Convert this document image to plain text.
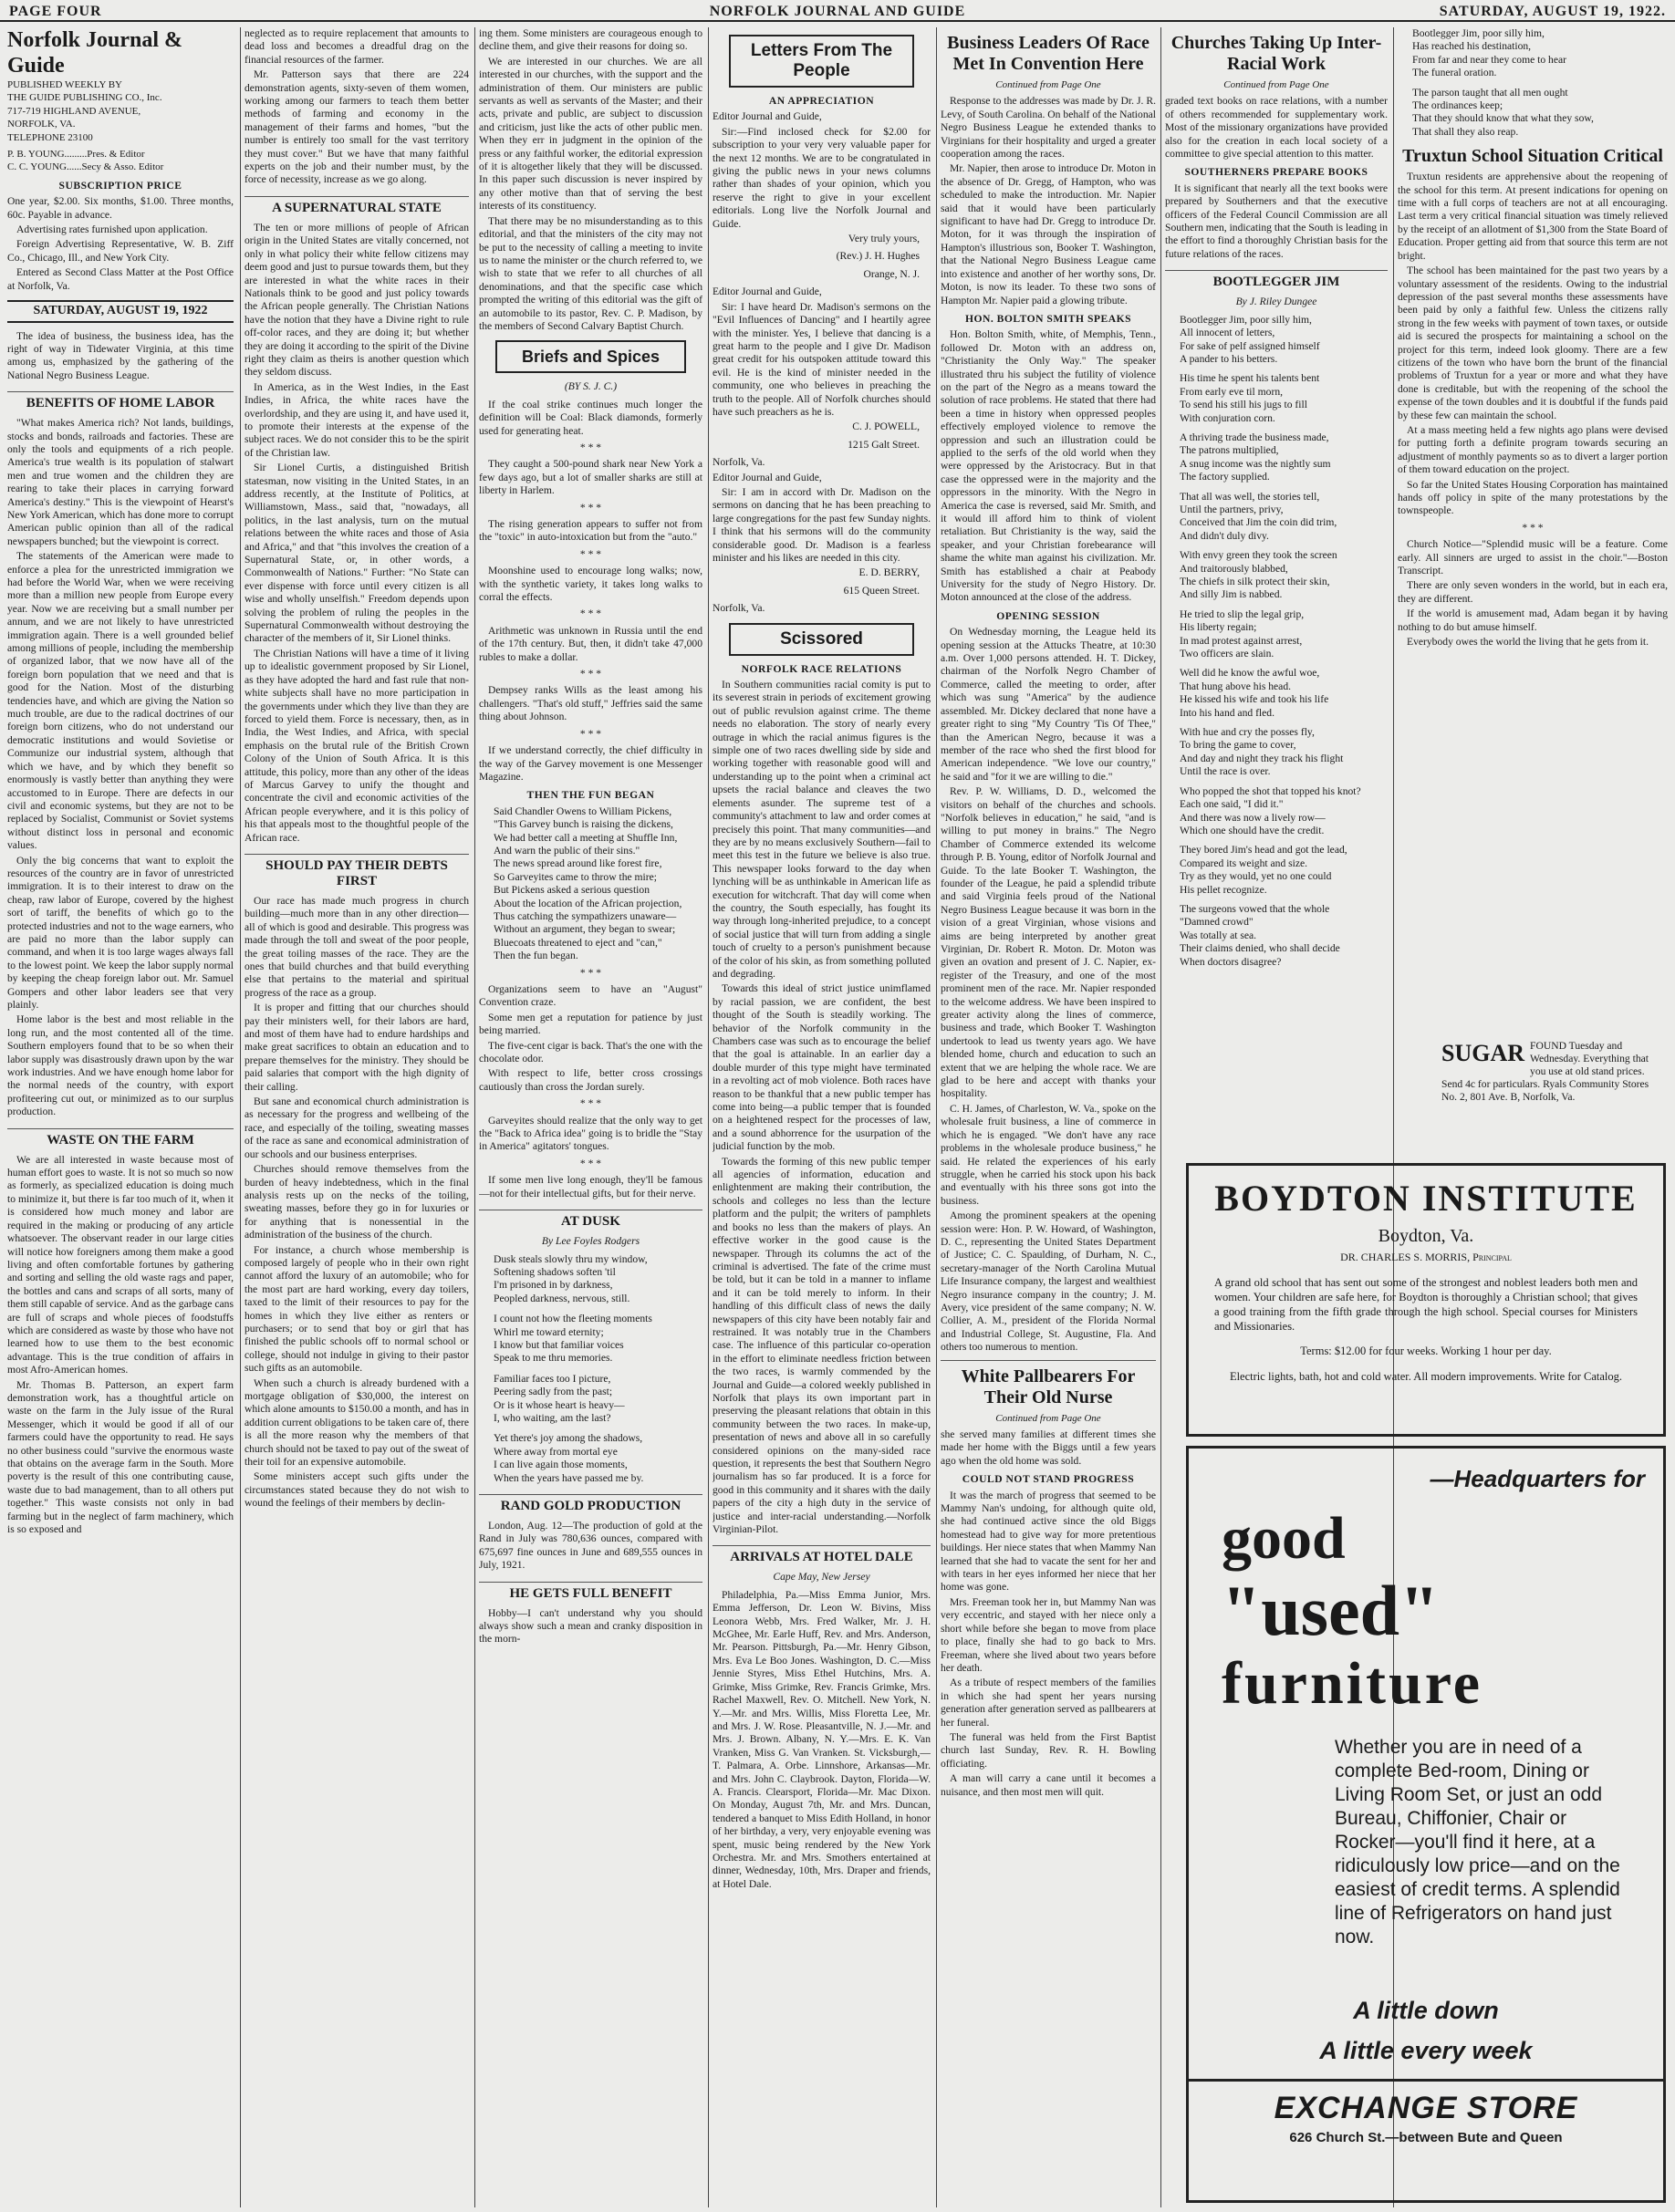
PAGE FOUR	NORFOLK JOURNAL AND GUIDE	SATURDAY, AUGUST 19, 1922.
Norfolk Journal & Guide
PUBLISHED WEEKLY BY
THE GUIDE PUBLISHING CO., Inc.
717-719 HIGHLAND AVENUE,
NORFOLK, VA.
TELEPHONE 23100
P. B. YOUNG.........Pres. & Editor
C. C. YOUNG......Secy & Asso. Editor
SUBSCRIPTION PRICE

One year, $2.00. Six months, $1.00. Three months, 60c. Payable in advance.

Advertising rates furnished upon application.

Foreign Advertising Representative, W. B. Ziff Co., Chicago, Ill., and New York City.

Entered as Second Class Matter at the Post Office at Norfolk, Va.

SATURDAY, AUGUST 19, 1922

The idea of business, the business idea, has the right of way in Tidewater Virginia, at this time among us, emphasized by the gathering of the National Negro Business League.

BENEFITS OF HOME LABOR

"What makes America rich? Not lands, buildings, stocks and bonds, railroads and factories. These are only the tools and equipments of a rich people. America's true wealth is its population of stalwart men and true women and the children they are rearing to take their places in carrying forward America's destiny." This is the viewpoint of Hearst's New York American, which has done more to corrupt American public opinion than all of the radical newspapers bunched; but the viewpoint is correct.

The statements of the American were made to enforce a plea for the unrestricted immigration we had before the World War, when we were receiving more than a million new people from Europe every year. Now we are receiving but a small number per annum, and we are not likely to have unrestricted immigration again. There is a well grounded belief among millions of people, including the membership of organized labor, that we now have all of the foreign born population that we need and that is good for the Nation. Most of the disturbing tendencies have, and which are giving the Nation so much trouble, are due to the radical doctrines of our foreign born citizens, who do not understand our democratic institutions and would Sovietise or Communize our industrial system, although that which we have, and by which they benefit so enormously is vastly better than anything they were accustomed to in Europe. There are defects in our civil and economic systems, but they are not to be replaced by Socialist, Communist or Soviet systems without distinct loss in personal and economic values.

Only the big concerns that want to exploit the resources of the country are in favor of unrestricted immigration. It is to their interest to draw on the cheap, raw labor of Europe, covered by the highest sort of tariff, the benefits of which go to the protected industries and not to the wage earners, who are paid no more than the labor supply can command, and when it is too large wages always fall to the lowest point. We keep the labor supply normal by keeping the cheap foreign labor out. Mr. Samuel Gompers and other labor leaders see that very plainly.

Home labor is the best and most reliable in the long run, and the most contented all of the time. Southern employers found that to be so when their labor supply was disastrously drawn upon by the war work industries. And we have enough home labor for the normal needs of the country, with export profiteering cut out, or minimized as to our surplus production.

WASTE ON THE FARM

We are all interested in waste because most of human effort goes to waste. It is not so much so now as formerly, as specialized education is doing much to minimize it, but there is far too much of it, when it is considered how much money and labor are required in the making or producing of any article whatsoever. The observant reader in our large cities will notice how foreigners among them make a good living and often comfortable fortunes by gathering and sorting and selling the old waste rags and paper, the bottles and cans and scraps of all sorts, many of them still capable of service. And as the garbage cans are full of scraps and whole pieces of foodstuffs which are considered as waste by those who have not learned how to use them to the best economic advantage. This is the true condition of affairs in most Afro-American homes.

Mr. Thomas B. Patterson, an expert farm demonstration work, has a thoughtful article on waste on the farm in the July issue of the Rural Messenger, which it would be good if all of our farmers could have the opportunity to read. He says no other business could "survive the enormous waste that obtains on the average farm in the South. More poverty is the result of this one contributing cause, waste due to bad management, than to all others put together." This waste consists not only in bad farming but in the neglect of farm machinery, which is so exposed and

neglected as to require replacement that amounts to dead loss and becomes a dreadful drag on the financial resources of the farmer.

Mr. Patterson says that there are 224 demonstration agents, sixty-seven of them women, working among our farmers to teach them better methods of farming and economy in the management of their farms and homes, "but the number is entirely too small for the vast territory they must cover." But we have that many faithful experts on the job and their number must, by the force of necessity, increase as we go along.

A SUPERNATURAL STATE

The ten or more millions of people of African origin in the United States are vitally concerned, not only in what policy their white fellow citizens may deem good and just to pursue towards them, but they are interested in what the white races in their Nationals think to be good and just policy towards the African people generally. The Christian Nations have the notion that they have a Divine right to rule off-color races, and they are doing it; but whether they are doing it according to the spirit of the Divine right they claim as theirs is another question which they seldom discuss.

In America, as in the West Indies, in the East Indies, in Africa, the white races have the overlordship, and they are using it, and have used it, to promote their interests at the expense of the subject races. We do not consider this to be the spirit of the Christian law.

Sir Lionel Curtis, a distinguished British statesman, now visiting in the United States, in an address recently, at the Institute of Politics, at Williamstown, Mass., said that, "nowadays, all politics, in the last analysis, turn on the mutual relations between the white races and those of Asia and Africa," and that "this involves the creation of a Supernatural State, or, in other words, a Commonwealth of Nations." Further: "No State can ever dispense with force until every citizen is all wise and wholly unselfish." Freedom depends upon solving the problem of ruling the peoples in the Supernatural Commonwealth without destroying the character of the members of it, Sir Lionel thinks.

The Christian Nations will have a time of it living up to idealistic government proposed by Sir Lionel, as they have adopted the hard and fast rule that non-white subjects shall have no more participation in the governments under which they live than they are forced to yield them. Force is necessary, then, as in India, the West Indies, and Africa, with special emphasis on the brutal rule of the British Crown Colony of the Union of South Africa. It is this attitude, this policy, more than any other of the ideas of Marcus Garvey to unify the thought and concentrate the civil and economic activities of the African people everywhere, and it is this policy of his that appeals most to the thoughtful people of the African race.

SHOULD PAY THEIR DEBTS FIRST

Our race has made much progress in church building—much more than in any other direction—all of which is good and desirable. This progress was made through the toll and sweat of the poor people, the great toiling masses of the race. They are the ones that build churches and that build everything else that pertains to the material and spiritual progress of the race as a group.

It is proper and fitting that our churches should pay their ministers well, for their labors are hard, and most of them have had to endure hardships and make great sacrifices to obtain an education and to prepare themselves for the ministry. They should be paid salaries that comport with the high dignity of their calling.

But sane and economical church administration is as necessary for the progress and wellbeing of the race, and especially of the toiling, sweating masses of the race as sane and economical administration of our schools and our business enterprises.

Churches should remove themselves from the burden of heavy indebtedness, which in the final analysis rests up on the necks of the toiling, sweating masses, before they go in for luxuries or for anything that is nonessential in the administration of the business of the church.

For instance, a church whose membership is composed largely of people who in their own right cannot afford the luxury of an automobile; who for the most part are hard working, every day toilers, taxed to the limit of their resources to pay for the homes in which they live either as renters or purchasers; or to send that boy or girl that has finished the public schools off to normal school or college, should not indulge in giving to their pastor such gifts as an automobile.

When such a church is already burdened with a mortgage obligation of $30,000, the interest on which alone amounts to $150.00 a month, and has in addition current obligations to be taken care of, there is all the more reason why the members of that church should not be taxed to pay out of the sweat of their toil for an expensive automobile.

Some ministers accept such gifts under the circumstances stated because they do not wish to wound the feelings of their members by declin-

ing them. Some ministers are courageous enough to decline them, and give their reasons for doing so.

We are interested in our churches. We are all interested in our churches, with the support and the administration of them. Our ministers are public servants as well as servants of the Master; and their acts, private and public, are subject to discussion and criticism, just like the acts of other public men. When they err in judgment in the opinion of the press or any faithful worker, the editorial expression of it is altogether likely that they will be discussed. In this paper such discussion is never inspired by any other motive than that of serving the best interests of its constituency.

That there may be no misunderstanding as to this editorial, and that the ministers of the city may not be put to the necessity of calling a meeting to invite us to name the minister or the church referred to, we wish to state that we refer to all churches of all denominations, and that the specific case which prompted the writing of this editorial was the gift of an automobile to its pastor, Rev. C. P. Madison, by the members of Second Calvary Baptist Church.

Briefs and Spices
(BY S. J. C.)

If the coal strike continues much longer the definition will be Coal: Black diamonds, formerly used for generating heat.

* * *

They caught a 500-pound shark near New York a few days ago, but a lot of smaller sharks are still at liberty in Harlem.

* * *

The rising generation appears to suffer not from the "toxic" in auto-intoxication but from the "auto."

* * *

Moonshine used to encourage long walks; now, with the synthetic variety, it takes long walks to corral the effects.

* * *

Arithmetic was unknown in Russia until the end of the 17th century. But, then, it didn't take 47,000 rubles to make a dollar.

* * *

Dempsey ranks Wills as the least among his challengers. "That's old stuff," Jeffries said the same thing about Johnson.

* * *

If we understand correctly, the chief difficulty in the way of the Garvey movement is one Messenger Magazine.

THEN THE FUN BEGAN

Said Chandler Owens to William Pickens,

"This Garvey bunch is raising the dickens,

We had better call a meeting at Shuffle Inn,

And warn the public of their sins."

The news spread around like forest fire,

So Garveyites came to throw the mire;

But Pickens asked a serious question

About the location of the African projection,

Thus catching the sympathizers unaware—

Without an argument, they began to swear;

Bluecoats threatened to eject and "can,"

Then the fun began.

* * *

Organizations seem to have an "August" Convention craze.

Some men get a reputation for patience by just being married.

The five-cent cigar is back. That's the one with the chocolate odor.

With respect to life, better cross crossings cautiously than cross the Jordan surely.

* * *

Garveyites should realize that the only way to get the "Back to Africa idea" going is to bridle the "Stay in America" agitators' tongues.

* * *

If some men live long enough, they'll be famous—not for their intellectual gifts, but for their nerve.

AT DUSK
By Lee Foyles Rodgers

Dusk steals slowly thru my window,

Softening shadows soften 'til

I'm prisoned in by darkness,

Peopled darkness, nervous, still.

I count not how the fleeting moments

Whirl me toward eternity;

I know but that familiar voices

Speak to me thru memories.

Familiar faces too I picture,

Peering sadly from the past;

Or is it whose heart is heavy—

I, who waiting, am the last?

Yet there's joy among the shadows,

Where away from mortal eye

I can live again those moments,

When the years have passed me by.

RAND GOLD PRODUCTION

London, Aug. 12—The production of gold at the Rand in July was 780,636 ounces, compared with 675,697 fine ounces in June and 689,555 ounces in July, 1921.

HE GETS FULL BENEFIT

Hobby—I can't understand why you should always show such a mean and cranky disposition in the morn-

Letters From The People
AN APPRECIATION

Editor Journal and Guide,

Sir:—Find inclosed check for $2.00 for subscription to your very very valuable paper for the next 12 months. We are to be congratulated in giving the public news in your news columns rather than shades of your opinion, which you reserve the right to give in your excellent editorials. Long live the Norfolk Journal and Guide.

Very truly yours,

(Rev.) J. H. Hughes

Orange, N. J.

Editor Journal and Guide,

Sir: I have heard Dr. Madison's sermons on the "Evil Influences of Dancing" and I heartily agree with the minister. Yes, I believe that dancing is a great harm to the people and I give Dr. Madison great credit for his outspoken attitude toward this evil. He is the kind of minister needed in the community, one who believes in preaching the truth to the people. All of Norfolk churches should have such preachers as he is.

C. J. POWELL,

1215 Galt Street.

Norfolk, Va.

Editor Journal and Guide,

Sir: I am in accord with Dr. Madison on the sermons on dancing that he has been preaching to large congregations for the past few Sunday nights. I think that his sermons will do the community considerable good. Dr. Madison is a fearless minister and his likes are needed in this city.

E. D. BERRY,

615 Queen Street.

Norfolk, Va.

Scissored
NORFOLK RACE RELATIONS

In Southern communities racial comity is put to its severest strain in periods of excitement growing out of public revulsion against crime. The theme needs no elaboration. The story of nearly every outrage in which the racial animus figures is the simple one of two races dwelling side by side and working together with reasonable good will and understanding up to the point when a criminal act upsets the racial balance and cleaves the two elements asunder. The supreme test of a community's attachment to law and order comes at precisely this point. That many communities—and they are by no means exclusively Southern—fail to meet this test in the future we believe is also true. This newspaper looks forward to the day when lynching will be as unthinkable in American life as execution for witchcraft. That day will come when the country, the South especially, has fought its way through long-inherited prejudice, to a concept of social justice that will turn from adding a single touch of cruelty to a person's punishment because of the color of his skin, as from something polluted and degrading.

Towards this ideal of strict justice unimflamed by racial passion, we are confident, the best thought of the South is steadily working. The behavior of the Norfolk community in the Chambers case was such as to encourage the belief that the goal is attainable. In an earlier day a double murder of this type might have terminated in a revolting act of mob violence. Both races have reason to be thankful that a new public temper has come into being—a public temper that is founded on a heightened respect for the processes of law, and a sound abhorrence for the usurpation of the judicial function by the mob.

Towards the forming of this new public temper all agencies of information, education and enlightenment are making their contribution, the schools and colleges no less than the lecture platform and the pulpit; the writers of pamphlets and books no less than the makers of plays. An effective worker in the good cause is the newspaper. Through its columns the act of the criminal is advertised. The fate of the crime must be told, but it can be told in a manner to inflame and it can be told merely to inform. In their handling of this difficult class of news the daily newspapers of this city have been notably fair and restrained. It was notably true in the Chambers case. The influence of this particular co-operation in the effort to eliminate needless friction between the two races, is warmly commended by the Journal and Guide—a colored weekly published in Norfolk that plays its own important part in preserving the pleasant relations that obtain in this community between the two races. In make-up, presentation of news and above all in so carefully considered opinions on the many-sided race question, it represents the best that Southern Negro journalism has so far produced. It is a force for good in this community and it shares with the daily papers of the city a high duty in the service of justice and inter-racial understanding.—Norfolk Virginian-Pilot.

ARRIVALS AT HOTEL DALE
Cape May, New Jersey

Philadelphia, Pa.—Miss Emma Junior, Mrs. Emma Jefferson, Dr. Leon W. Bivins, Miss Leonora Webb, Mrs. Fred Walker, Mr. J. H. McGhee, Mr. Earle Huff, Rev. and Mrs. Anderson, Mr. Pearson. Pittsburgh, Pa.—Mr. Henry Gibson, Mrs. Eva Le Boo Jones. Washington, D. C.—Miss Jennie Styres, Miss Ethel Hutchins, Mrs. A. Grimke, Miss Grimke, Rev. Francis Grimke, Mrs. Rachel Maxwell, Rev. O. Mitchell. New York, N. Y.—Mr. and Mrs. Willis, Miss Floretta Lee, Mr. and Mrs. J. W. Rose. Pleasantville, N. J.—Mr. and Mrs. J. Brown. Albany, N. Y.—Mrs. E. K. Van Vranken, Miss G. Van Vranken. St. Vicksburgh,—T. Palmara, A. Orbe. Linnshore, Arkansas—Mr. and Mrs. John C. Claybrook. Dayton, Florida—W. A. Francis. Clearsport, Florida—Mr. Mac Dixon. On Monday, August 7th, Mr. and Mrs. Duncan, tendered a banquet to Miss Edith Holland, in honor of her birthday, a very, very enjoyable evening was spent, music being rendered by the New York Orchestra. Mr. and Mrs. Smothers entertained at dinner, Wednesday, 10th, Mrs. Draper and friends, at Hotel Dale.

Business Leaders Of Race Met In Convention Here
Continued from Page One

Response to the addresses was made by Dr. J. R. Levy, of South Carolina. On behalf of the National Negro Business League he extended thanks to Virginians for their hospitality and urged a greater cooperation among the races.

Mr. Napier, then arose to introduce Dr. Moton in the absence of Dr. Gregg, of Hampton, who was scheduled to make the introduction. Mr. Napier said that it would have been particularly significant to have had Dr. Gregg to introduce Dr. Moton, for it was through the inspiration of Hampton's illustrious son, Booker T. Washington, that the National Negro Business League came into existence and another of her worthy sons, Dr. Moton, is now its leader. To these two sons of Hampton Mr. Napier paid a glowing tribute.

HON. BOLTON SMITH SPEAKS

Hon. Bolton Smith, white, of Memphis, Tenn., followed Dr. Moton with an address on, "Christianity the Only Way." The speaker illustrated thru his subject the futility of violence on the part of the Negro as a means toward the solution of race problems. He stated that there had been a time in history when oppressed peoples effectively employed violence to remove the oppression and such an illustration could be applied to the serfs of the old world when they were oppressed by the Aristocracy. But in that case the oppressed were in the majority and the oppressors in the minority. With the Negro in America the case is reversed, said Mr. Smith, and it would ill afford him to think of violent retaliation. But Christianity is the way, said the speaker, and your Christian forebearance will shame the white man against his civilization. Mr. Smith has established a chair at Peabody University for the study of Negro History. Dr. Moton announced at the close of the address.

OPENING SESSION

On Wednesday morning, the League held its opening session at the Attucks Theatre, at 10:30 a.m. Over 1,000 persons attended. H. T. Dickey, chairman of the Norfolk Negro Chamber of Commerce, called the meeting to order, after which was sung "America" by the audience assembled. Mr. Dickey declared that none have a greater right to sing "My Country 'Tis Of Thee," than the American Negro, because it was a member of the race who shed the first blood for American independence. "We love our country," he said and "for it we are willing to die."

Rev. P. W. Williams, D. D., welcomed the visitors on behalf of the churches and schools. "Norfolk believes in education," he said, "and is willing to put money in brains." The Negro Chamber of Commerce extended its welcome through P. B. Young, editor of Norfolk Journal and Guide. To the late Booker T. Washington, the founder of the League, he paid a splendid tribute and said Virginia feels proud of the National Negro Business League because it was born in the vision of a great Virginian, whose visions and aims are being interpreted by another great Virginian, Dr. Robert R. Moton. Dr. Moton was given an ovation and present of J. C. Napier, ex-register of the Treasury, and one of the most prominent men of the race. Mr. Napier responded to the welcome address. We have been inspired to greater activity along the lines of commerce, business and trade, which Booker T. Washington undertook to lead us twenty years ago. We have blended home, church and education to such an extent that we are helping the whole race. We are glad to be here and accept with thanks your hospitality.

C. H. James, of Charleston, W. Va., spoke on the wholesale fruit business, a line of commerce in which he is engaged. "We don't have any race problems in the wholesale produce business," he said. He related the experiences of his early struggle, when he carried his stock upon his back and eventually with his three sons got into the business.

Among the prominent speakers at the opening session were: Hon. P. W. Howard, of Washington, D. C., representing the United States Department of Justice; C. C. Spaulding, of Durham, N. C., secretary-manager of the North Carolina Mutual Life Insurance company, the largest and wealthiest Negro insurance company in the country; J. M. Avery, vice president of the same company; N. W. Collier, A. M., president of the Florida Normal and Industrial College, St. Augustine, Fla. And others too numerous to mention.

White Pallbearers For Their Old Nurse
Continued from Page One

she served many families at different times she made her home with the Biggs until a few years ago when the old home was sold.

COULD NOT STAND PROGRESS

It was the march of progress that seemed to be Mammy Nan's undoing, for although quite old, she had continued active since the old Biggs homestead had to give way for more pretentious buildings. Her niece states that when Mammy Nan learned that she had to vacate the sent for her and with tears in her eyes informed her niece that her home was gone.

Mrs. Freeman took her in, but Mammy Nan was very eccentric, and stayed with her niece only a short while before she began to move from place to place, finally she had to go back to Mrs. Freeman, where she lived about two years before her death.

As a tribute of respect members of the families in which she had spent her years nursing generation after generation served as pallbearers at her funeral.

The funeral was held from the First Baptist church last Sunday, Rev. R. H. Bowling officiating.

A man will carry a cane until it becomes a nuisance, and then most men will quit.

Churches Taking Up Inter-Racial Work
Continued from Page One

graded text books on race relations, with a number of others recommended for supplementary work. Most of the missionary organizations have provided also for the creation in each local society of a committee to give special attention to this matter.

SOUTHERNERS PREPARE BOOKS

It is significant that nearly all the text books were prepared by Southerners and that the executive officers of the Federal Council Commission are all Southern men, indicating that the South is leading in the effort to find a thoroughly Christian basis for the future relations of the races.

BOOTLEGGER JIM
By J. Riley Dungee

Bootlegger Jim, poor silly him,

All innocent of letters,

For sake of pelf assigned himself

A pander to his betters.

His time he spent his talents bent

From early eve til morn,

To send his still his jugs to fill

With conjuration corn.

A thriving trade the business made,

The patrons multiplied,

A snug income was the nightly sum

The factory supplied.

That all was well, the stories tell,

Until the partners, privy,

Conceived that Jim the coin did trim,

And didn't duly divy.

With envy green they took the screen

And traitorously blabbed,

The chiefs in silk protect their skin,

And silly Jim is nabbed.

He tried to slip the legal grip,

His liberty regain;

In mad protest against arrest,

Two officers are slain.

Well did he know the awful woe,

That hung above his head.

He kissed his wife and took his life

Into his hand and fled.

With hue and cry the posses fly,

To bring the game to cover,

And day and night they track his flight

Until the race is over.

Who popped the shot that topped his knot?

Each one said, "I did it."

And there was now a lively row—

Which one should have the credit.

They bored Jim's head and got the lead,

Compared its weight and size.

Try as they would, yet no one could

His pellet recognize.

The surgeons vowed that the whole

"Damned crowd"

Was totally at sea.

Their claims denied, who shall decide

When doctors disagree?

Bootlegger Jim, poor silly him,

Has reached his destination,

From far and near they come to hear

The funeral oration.

The parson taught that all men ought

The ordinances keep;

That they should know that what they sow,

That shall they also reap.

Truxtun School Situation Critical

Truxtun residents are apprehensive about the reopening of the school for this term. At present indications for opening on time with a full corps of teachers are not at all encouraging. Last term a very critical financial situation was timely relieved by the receipt of an allotment of $1,300 from the State Board of Education. Proper getting aid from that source this term are not bright.

The school has been maintained for the past two years by a voluntary assessment of the residents. Owing to the industrial depression of the past several months these assessments have been paid by only a faithful few. Unless the citizens rally strong in the few weeks with payment of town taxes, or outside aid is secured the prospects for maintaining a school on the project for this term, indeed look gloomy. There are a few citizens of the town who have born the brunt of the financial problems of Truxtun for a year or more and what they have done is creditable, but with the reopening of the school the expense of the town doubles and it is doubtful if the funds paid by these few can maintain the school.

At a mass meeting held a few nights ago plans were devised for putting forth a definite program towards securing an adjustment of monthly payments so as to divert a larger portion of them toward education on the project.

So far the United States Housing Corporation has maintained hands off policy in spite of the many protestations by the townspeople.

* * *

Church Notice—"Splendid music will be a feature. Come early. All sinners are urged to assist in the choir."—Boston Transcript.

There are only seven wonders in the world, but in each era, they are different.

If the world is amusement mad, Adam began it by having nothing to do but amuse himself.

Everybody owes the world the living that he gets from it.

SUGAR FOUND Tuesday and Wednesday. Everything that you use at old stand prices. Send 4c for particulars. Ryals Community Stores No. 2, 801 Ave. B, Norfolk, Va.
BOYDTON INSTITUTE
Boydton, Va.
DR. CHARLES S. MORRIS, Principal
A grand old school that has sent out some of the strongest and noblest leaders both men and women. Your children are safe here, for Boydton is thoroughly a Christian school; that gives a good training from the fifth grade through the high school. Special courses for Ministers and Missionaries.
Terms: $12.00 for four weeks. Working 1 hour per day.
Electric lights, bath, hot and cold water. All modern improvements. Write for Catalog.
—Headquarters for
good
"used"
furniture
Whether you are in need of a complete Bed-room, Dining or Living Room Set, or just an odd Bureau, Chiffonier, Chair or Rocker—you'll find it here, at a ridiculously low price—and on the easiest of credit terms. A splendid line of Refrigerators on hand just now.
A little down
A little every week
EXCHANGE STORE
626 Church St.—between Bute and Queen
